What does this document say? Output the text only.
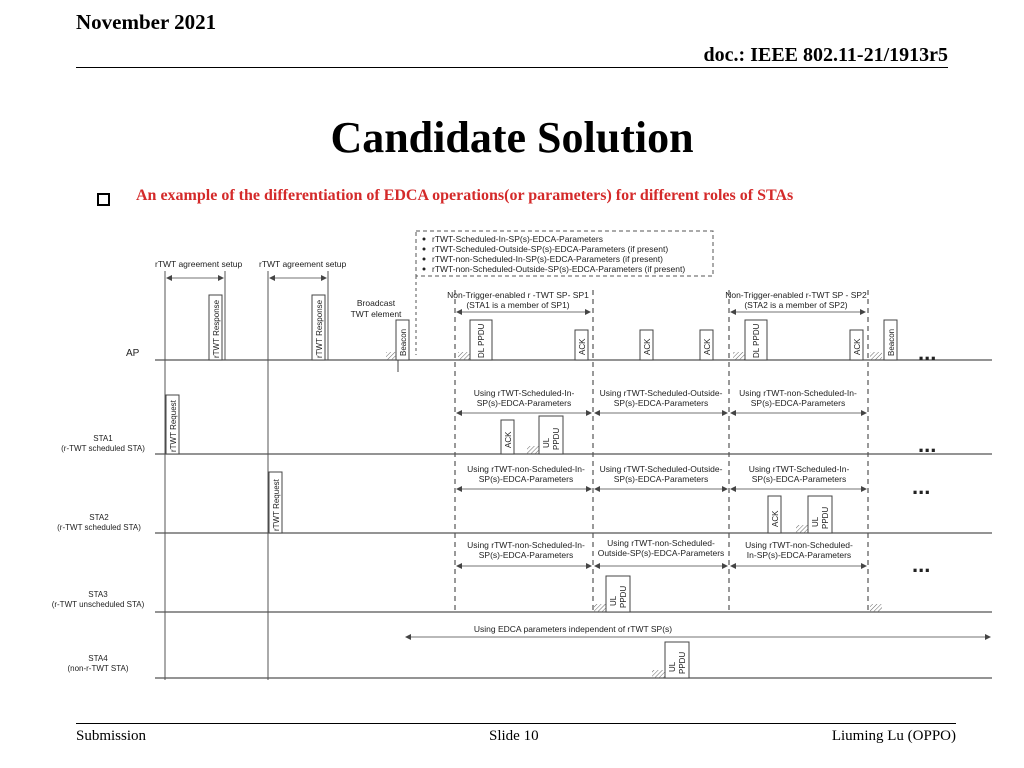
November 2021
doc.: IEEE 802.11-21/1913r5
Candidate Solution
An example of the differentiation of EDCA operations(or parameters) for different roles of STAs
rTWT-Scheduled-In-SP(s)-EDCA-Parameters
rTWT-Scheduled-Outside-SP(s)-EDCA-Parameters (if present)
rTWT-non-Scheduled-In-SP(s)-EDCA-Parameters (if present)
rTWT-non-Scheduled-Outside-SP(s)-EDCA-Parameters (if present)
rTWT agreement setup rTWT agreement setup
Broadcast
TWT element
Non-Trigger-enabled r -TWT SP- SP1
(STA1 is a member of SP1)
Non-Trigger-enabled r-TWT SP - SP2
(STA2 is a member of SP2)
AP
STA1
(r-TWT scheduled STA)
STA2
(r-TWT scheduled STA)
STA3
(r-TWT unscheduled STA)
STA4
(non-r-TWT STA)
rTWT Response	rTWT Response	Beacon	DL PPDU	ACK	ACK	ACK	DL PPDU	ACK	Beacon ...
rTWT Request
Using rTWT-Scheduled-In-
SP(s)-EDCA-Parameters
Using rTWT-Scheduled-Outside-
SP(s)-EDCA-Parameters
Using rTWT-non-Scheduled-In-
SP(s)-EDCA-Parameters
ACK	UL PPDU	...
rTWT Request
Using rTWT-non-Scheduled-In-
SP(s)-EDCA-Parameters
Using rTWT-Scheduled-Outside-
SP(s)-EDCA-Parameters
Using rTWT-Scheduled-In-
SP(s)-EDCA-Parameters
ACK	UL PPDU
...
Using rTWT-non-Scheduled-In-
SP(s)-EDCA-Parameters
Using rTWT-non-Scheduled-
Outside-SP(s)-EDCA-Parameters
Using rTWT-non-Scheduled-
In-SP(s)-EDCA-Parameters
UL PPDU
...
Using EDCA parameters independent of rTWT SP(s)
UL PPDU
Submission	Slide 10	Liuming Lu (OPPO)
